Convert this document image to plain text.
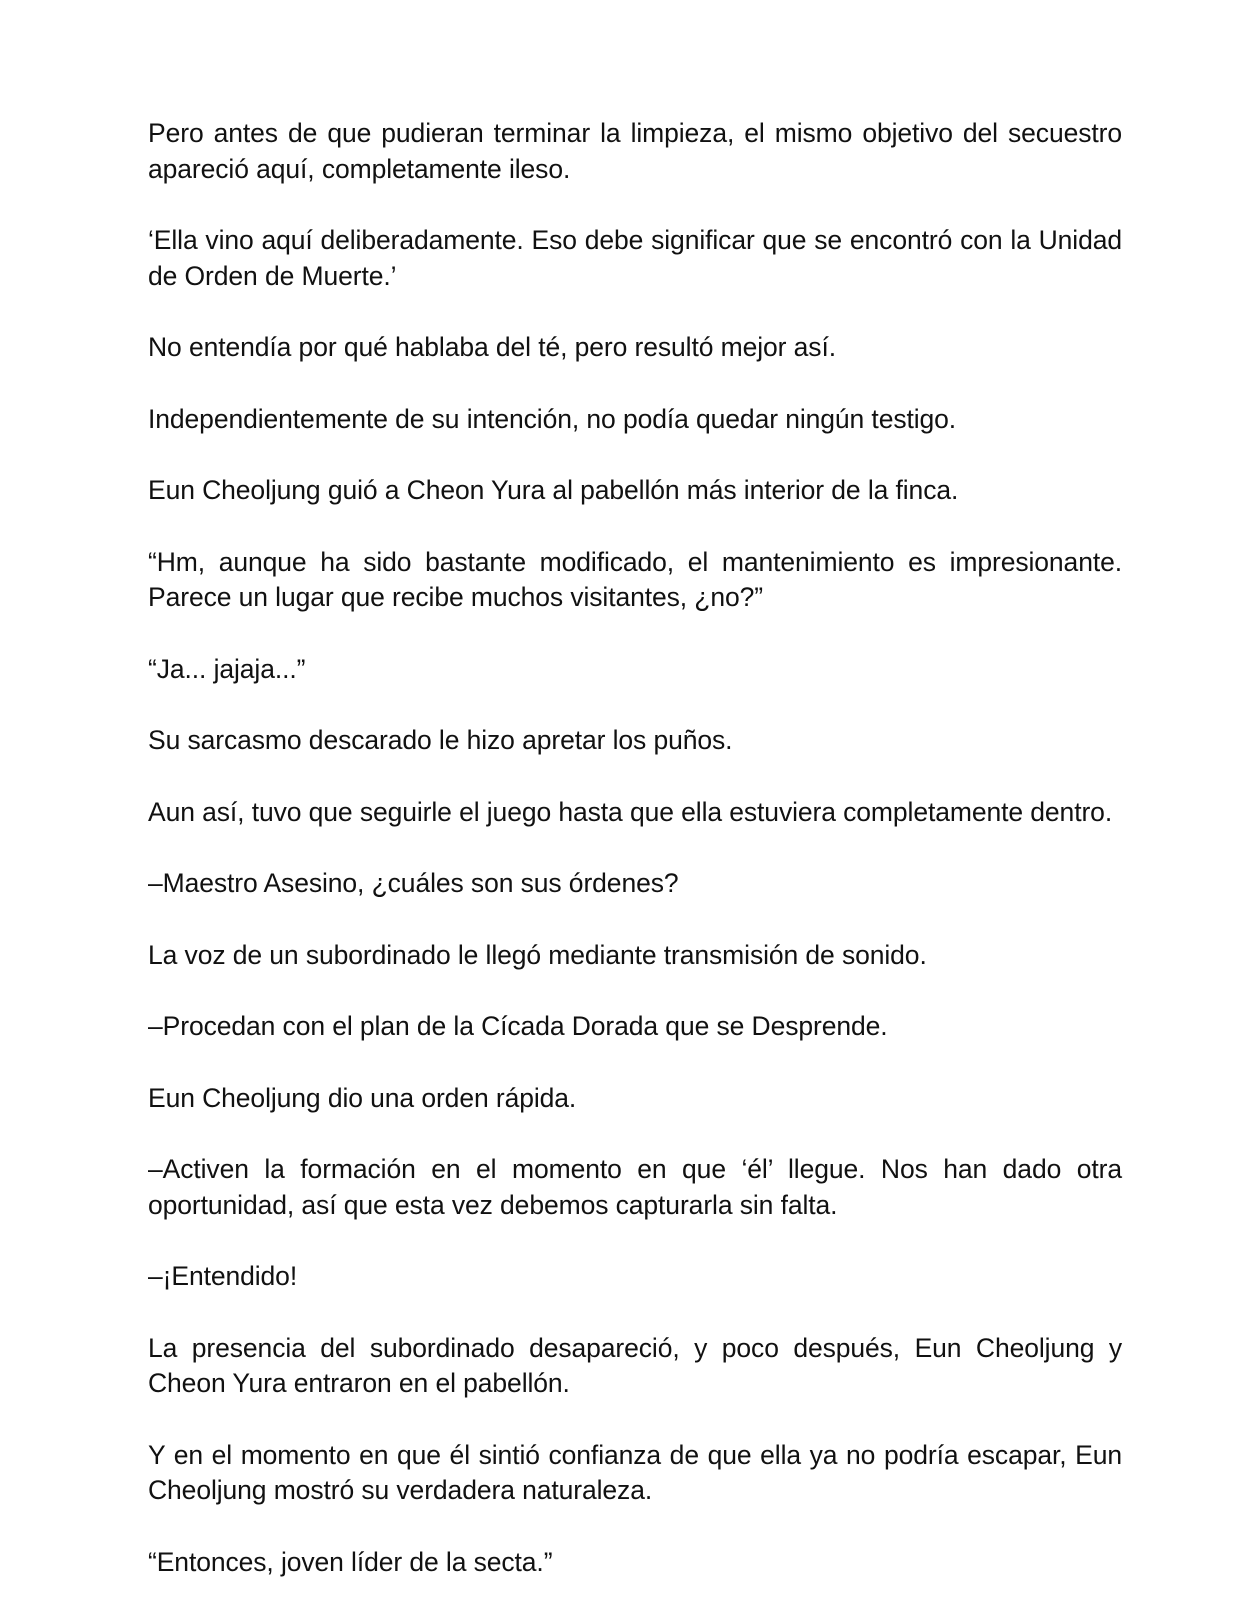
Pero antes de que pudieran terminar la limpieza, el mismo objetivo del secuestro apareció aquí, completamente ileso.

‘Ella vino aquí deliberadamente. Eso debe significar que se encontró con la Unidad de Orden de Muerte.’

No entendía por qué hablaba del té, pero resultó mejor así.

Independientemente de su intención, no podía quedar ningún testigo.

Eun Cheoljung guió a Cheon Yura al pabellón más interior de la finca.

“Hm, aunque ha sido bastante modificado, el mantenimiento es impresionante. Parece un lugar que recibe muchos visitantes, ¿no?”

“Ja... jajaja...”

Su sarcasmo descarado le hizo apretar los puños.

Aun así, tuvo que seguirle el juego hasta que ella estuviera completamente dentro.

–Maestro Asesino, ¿cuáles son sus órdenes?

La voz de un subordinado le llegó mediante transmisión de sonido.

–Procedan con el plan de la Cícada Dorada que se Desprende.

Eun Cheoljung dio una orden rápida.

–Activen la formación en el momento en que ‘él’ llegue. Nos han dado otra oportunidad, así que esta vez debemos capturarla sin falta.

–¡Entendido!

La presencia del subordinado desapareció, y poco después, Eun Cheoljung y Cheon Yura entraron en el pabellón.

Y en el momento en que él sintió confianza de que ella ya no podría escapar, Eun Cheoljung mostró su verdadera naturaleza.

“Entonces, joven líder de la secta.”
